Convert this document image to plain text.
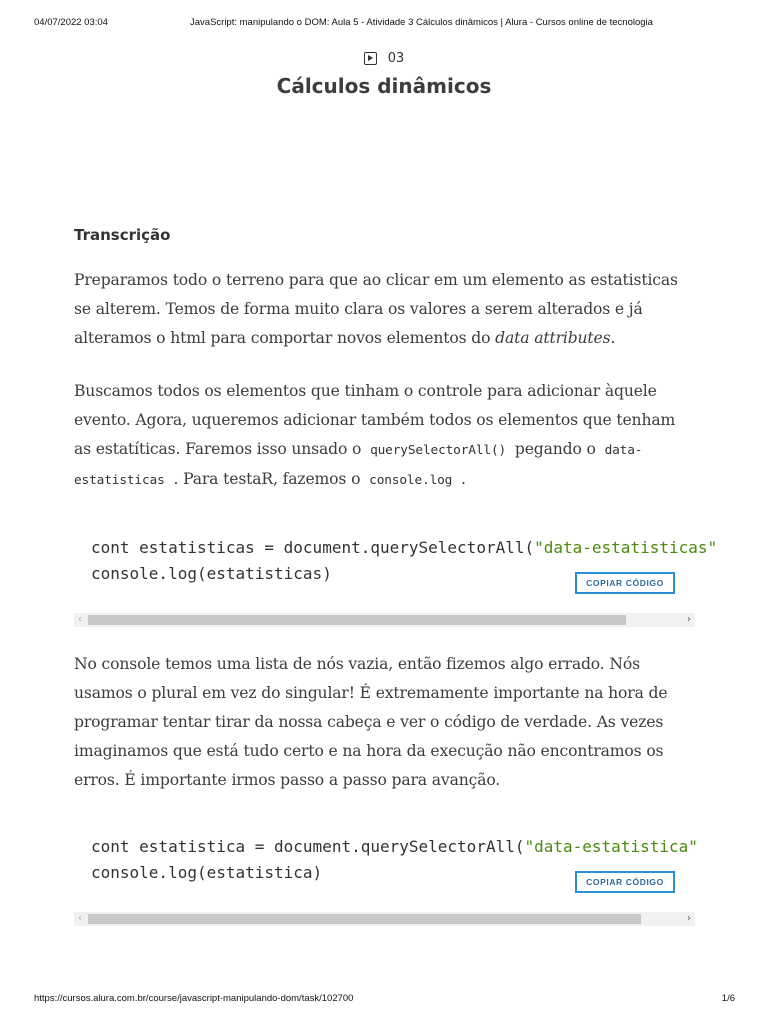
04/07/2022 03:04	JavaScript: manipulando o DOM: Aula 5 - Atividade 3 Cálculos dinâmicos | Alura - Cursos online de tecnologia
03
Cálculos dinâmicos
Transcrição

Preparamos todo o terreno para que ao clicar em um elemento as estatisticas se alterem. Temos de forma muito clara os valores a serem alterados e já alteramos o html para comportar novos elementos do data attributes.

Buscamos todos os elementos que tinham o controle para adicionar àquele evento. Agora, uqueremos adicionar também todos os elementos que tenham as estatíticas. Faremos isso unsado o querySelectorAll() pegando o data-estatisticas . Para testaR, fazemos o console.log .

cont estatisticas = document.querySelectorAll("data-estatisticas"
console.log(estatisticas)	COPIAR CÓDIGO
‹	›

No console temos uma lista de nós vazia, então fizemos algo errado. Nós usamos o plural em vez do singular! É extremamente importante na hora de programar tentar tirar da nossa cabeça e ver o código de verdade. As vezes imaginamos que está tudo certo e na hora da execução não encontramos os erros. É importante irmos passo a passo para avanção.

cont estatistica = document.querySelectorAll("data-estatistica"
console.log(estatistica)	COPIAR CÓDIGO
‹	›
https://cursos.alura.com.br/course/javascript-manipulando-dom/task/102700	1/6
